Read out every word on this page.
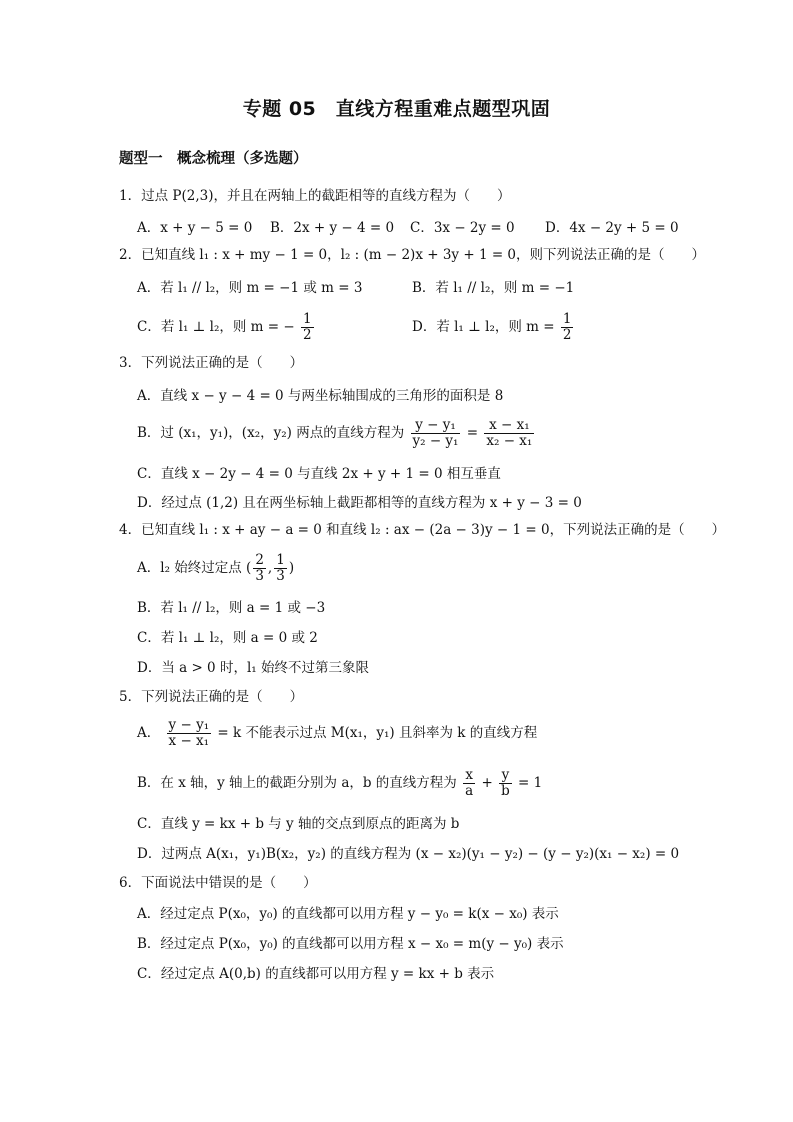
专题 05　直线方程重难点题型巩固
题型一　概念梳理（多选题）
1．过点 P(2,3)，并且在两轴上的截距相等的直线方程为（　　）
A．x + y − 5 = 0 B．2x + y − 4 = 0 C．3x − 2y = 0 D．4x − 2y + 5 = 0
2．已知直线 l₁ : x + my − 1 = 0，l₂ : (m − 2)x + 3y + 1 = 0，则下列说法正确的是（　　）
A．若 l₁ // l₂，则 m = −1 或 m = 3	B．若 l₁ // l₂，则 m = −1
C．若 l₁ ⊥ l₂，则 m = − $\frac{1}{2}$	D．若 l₁ ⊥ l₂，则 $m = \frac{1}{2}$
3．下列说法正确的是（　　）
A．直线 x − y − 4 = 0 与两坐标轴围成的三角形的面积是 8
B．过 (x₁，y₁)，(x₂，y₂) 两点的直线方程为 $\frac{\text{y − y₁}}{\text{y₂ − y₁}} = \frac{\text{x − x₁}}{\text{x₂ − x₁}}$
C．直线 x − 2y − 4 = 0 与直线 2x + y + 1 = 0 相互垂直
D．经过点 (1,2) 且在两坐标轴上截距都相等的直线方程为 x + y − 3 = 0
4．已知直线 l₁ : x + ay − a = 0 和直线 l₂ : ax − (2a − 3)y − 1 = 0，下列说法正确的是（　　）
A．l₂ 始终过定点 ( $\frac{2}{3}$ , $\frac{1}{3}$ )
B．若 l₁ // l₂，则 a = 1 或 −3
C．若 l₁ ⊥ l₂，则 a = 0 或 2
D．当 a > 0 时，l₁ 始终不过第三象限
5．下列说法正确的是（　　）
A． $\frac{\text{y − y₁}}{\text{x − x₁}} = k$ 不能表示过点 M(x₁，y₁) 且斜率为 k 的直线方程
B．在 x 轴，y 轴上的截距分别为 a，b 的直线方程为 $\frac{x}{a} + \frac{y}{b} = 1$
C．直线 y = kx + b 与 y 轴的交点到原点的距离为 b
D．过两点 A(x₁，y₁)B(x₂，y₂) 的直线方程为 (x − x₂)(y₁ − y₂) − (y − y₂)(x₁ − x₂) = 0
6．下面说法中错误的是（　　）
A．经过定点 P(x₀，y₀) 的直线都可以用方程 y − y₀ = k(x − x₀) 表示
B．经过定点 P(x₀，y₀) 的直线都可以用方程 x − x₀ = m(y − y₀) 表示
C．经过定点 A(0,b) 的直线都可以用方程 y = kx + b 表示
